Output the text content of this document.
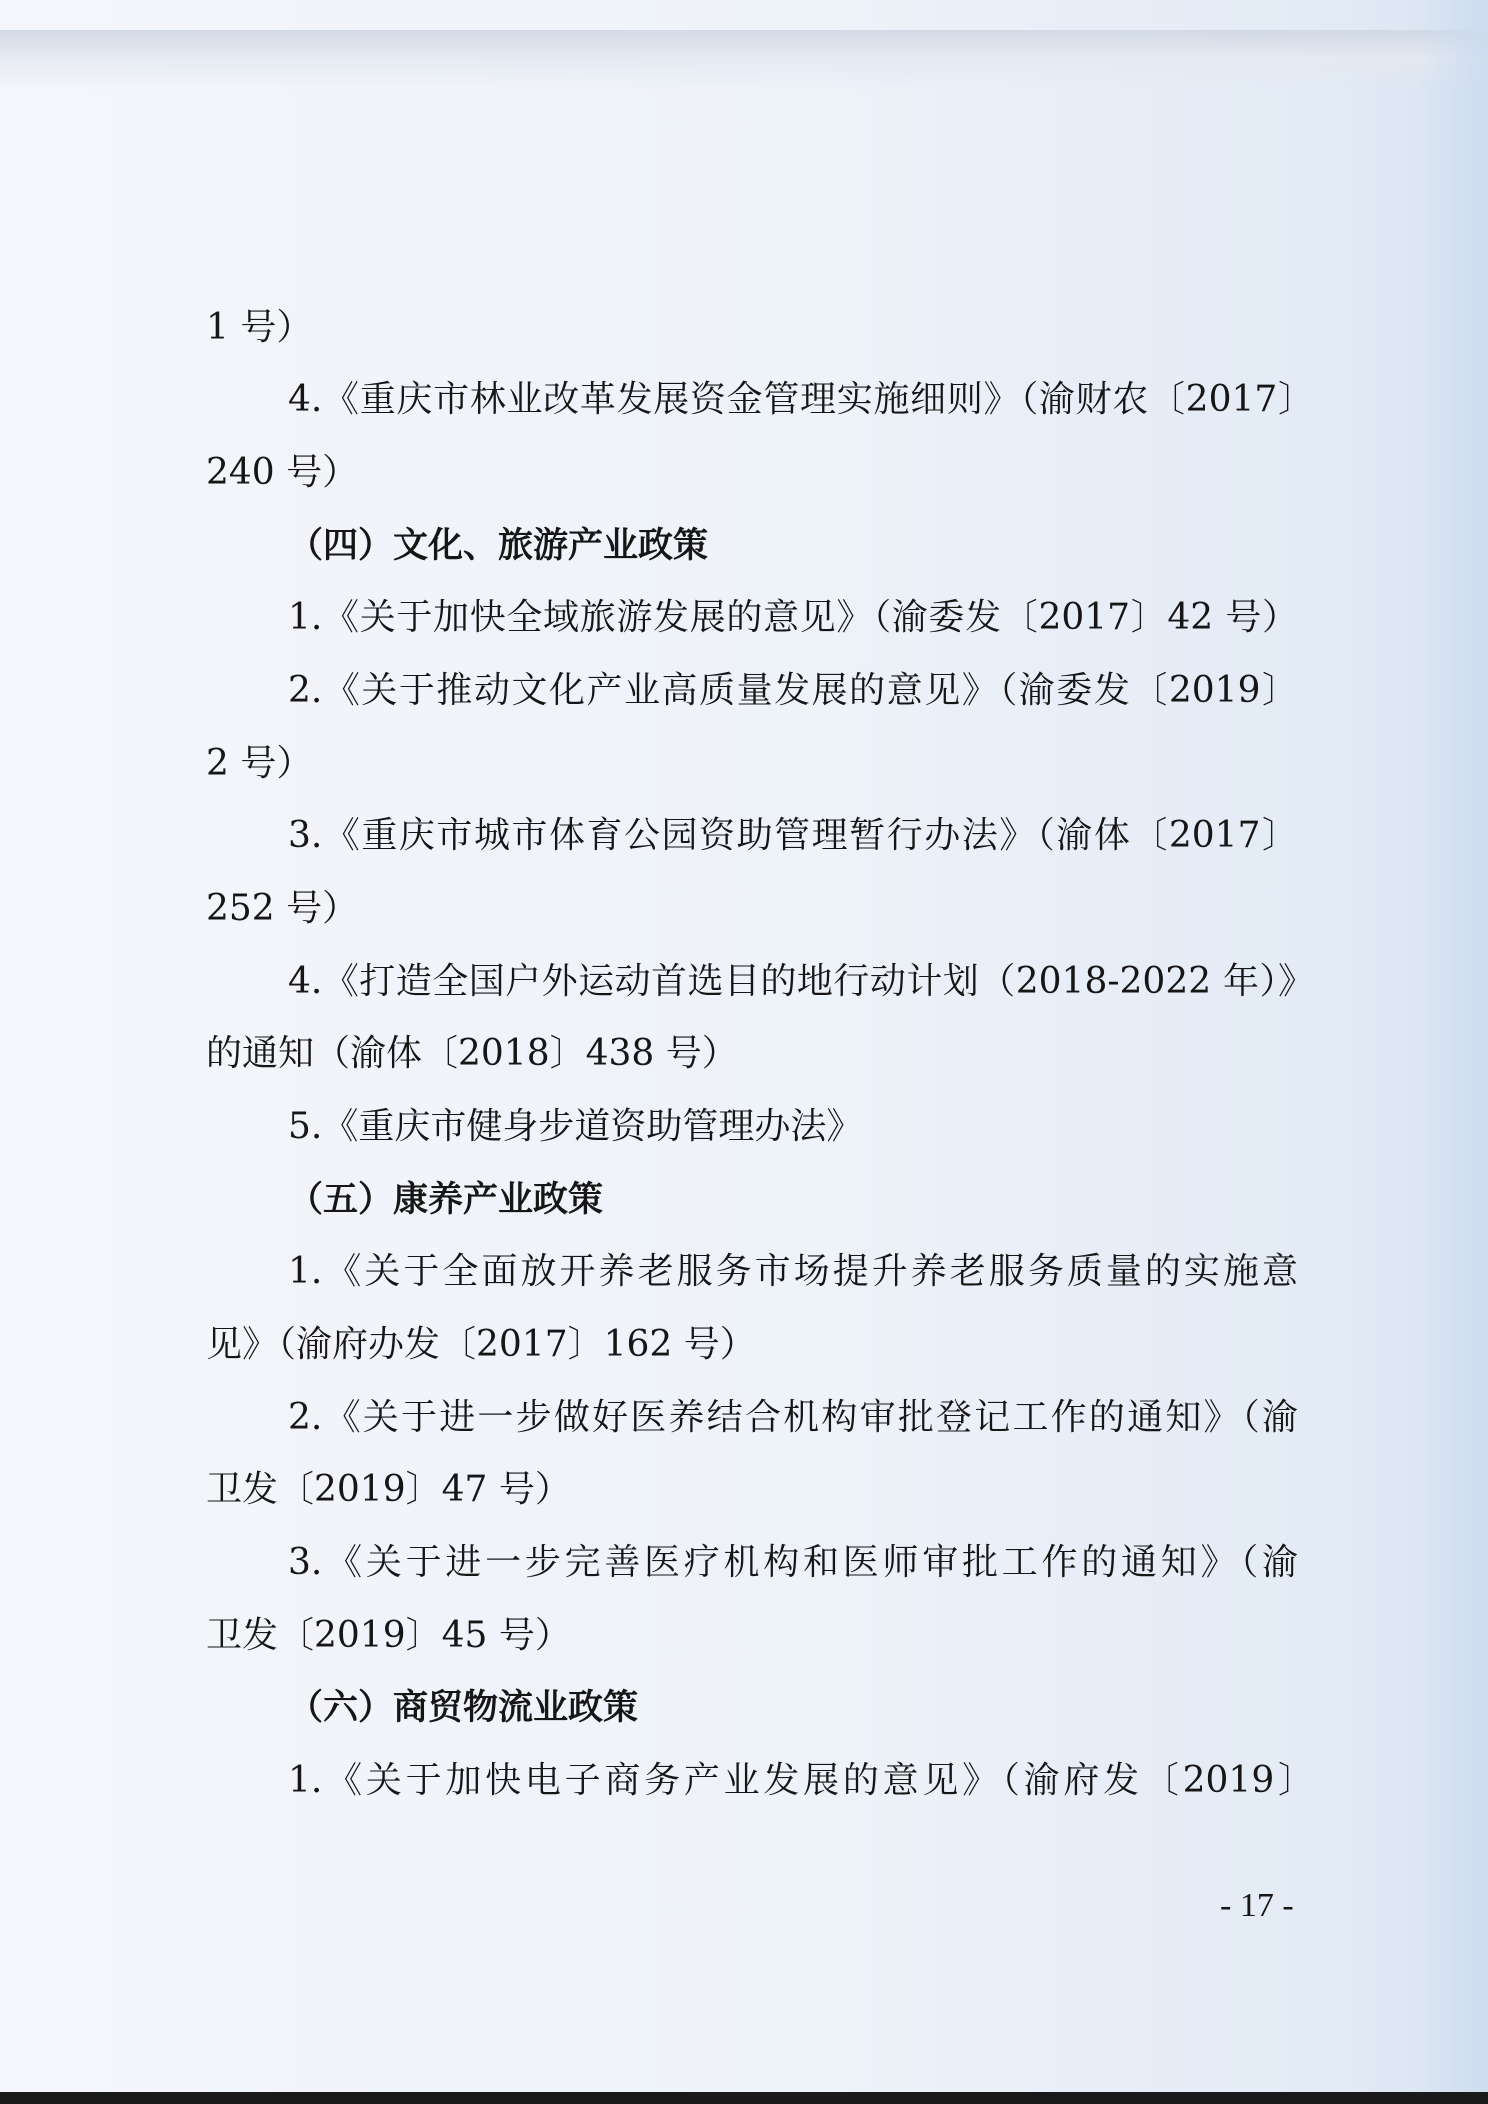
1 号）

4.《重庆市林业改革发展资金管理实施细则》（渝财农〔2017〕

240 号）

（四）文化、旅游产业政策

1.《关于加快全域旅游发展的意见》（渝委发〔2017〕42 号）

2.《关于推动文化产业高质量发展的意见》（渝委发〔2019〕

2 号）

3.《重庆市城市体育公园资助管理暂行办法》（渝体〔2017〕

252 号）

4.《打造全国户外运动首选目的地行动计划（2018-2022 年）》

的通知（渝体〔2018〕438 号）

5.《重庆市健身步道资助管理办法》

（五）康养产业政策

1.《关于全面放开养老服务市场提升养老服务质量的实施意

见》（渝府办发〔2017〕162 号）

2.《关于进一步做好医养结合机构审批登记工作的通知》（渝

卫发〔2019〕47 号）

3.《关于进一步完善医疗机构和医师审批工作的通知》（渝

卫发〔2019〕45 号）

（六）商贸物流业政策

1.《关于加快电子商务产业发展的意见》（渝府发〔2019〕

- 17 -
